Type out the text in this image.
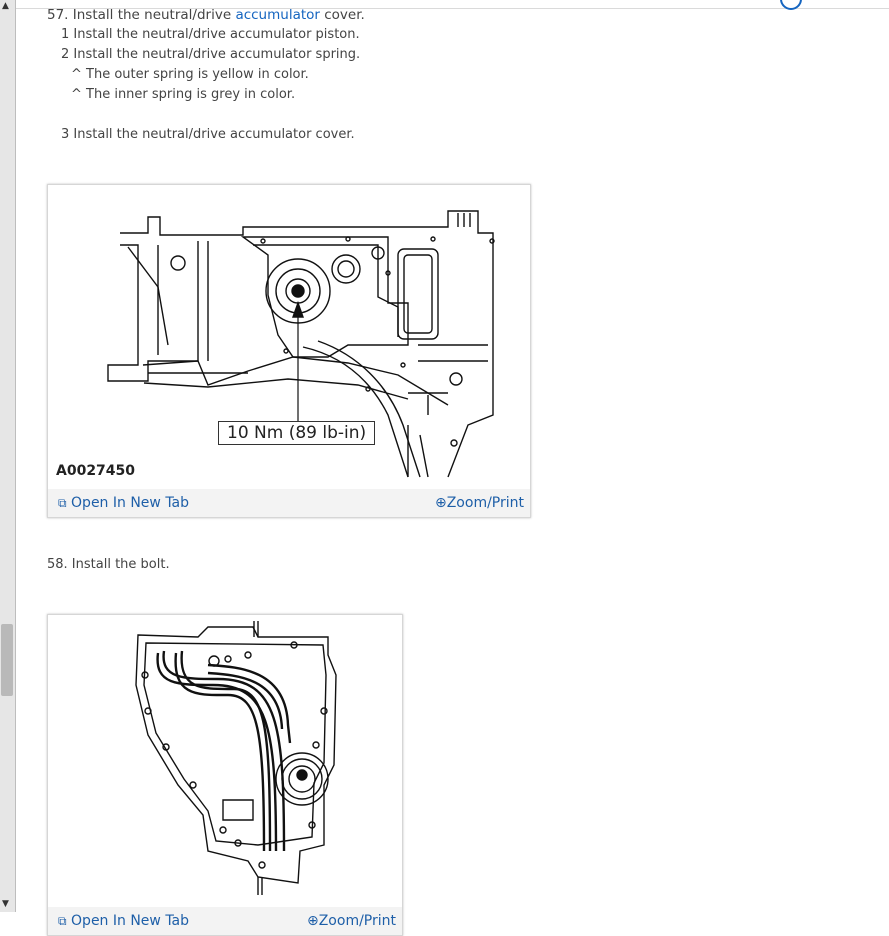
▲
▼
57. Install the neutral/drive accumulator cover.
1 Install the neutral/drive accumulator piston.
2 Install the neutral/drive accumulator spring.
^ The outer spring is yellow in color.
^ The inner spring is grey in color.
3 Install the neutral/drive accumulator cover.
10 Nm (89 lb-in)
A0027450
⧉ Open In New Tab	⊕Zoom/Print
58. Install the bolt.
⧉ Open In New Tab	⊕Zoom/Print
